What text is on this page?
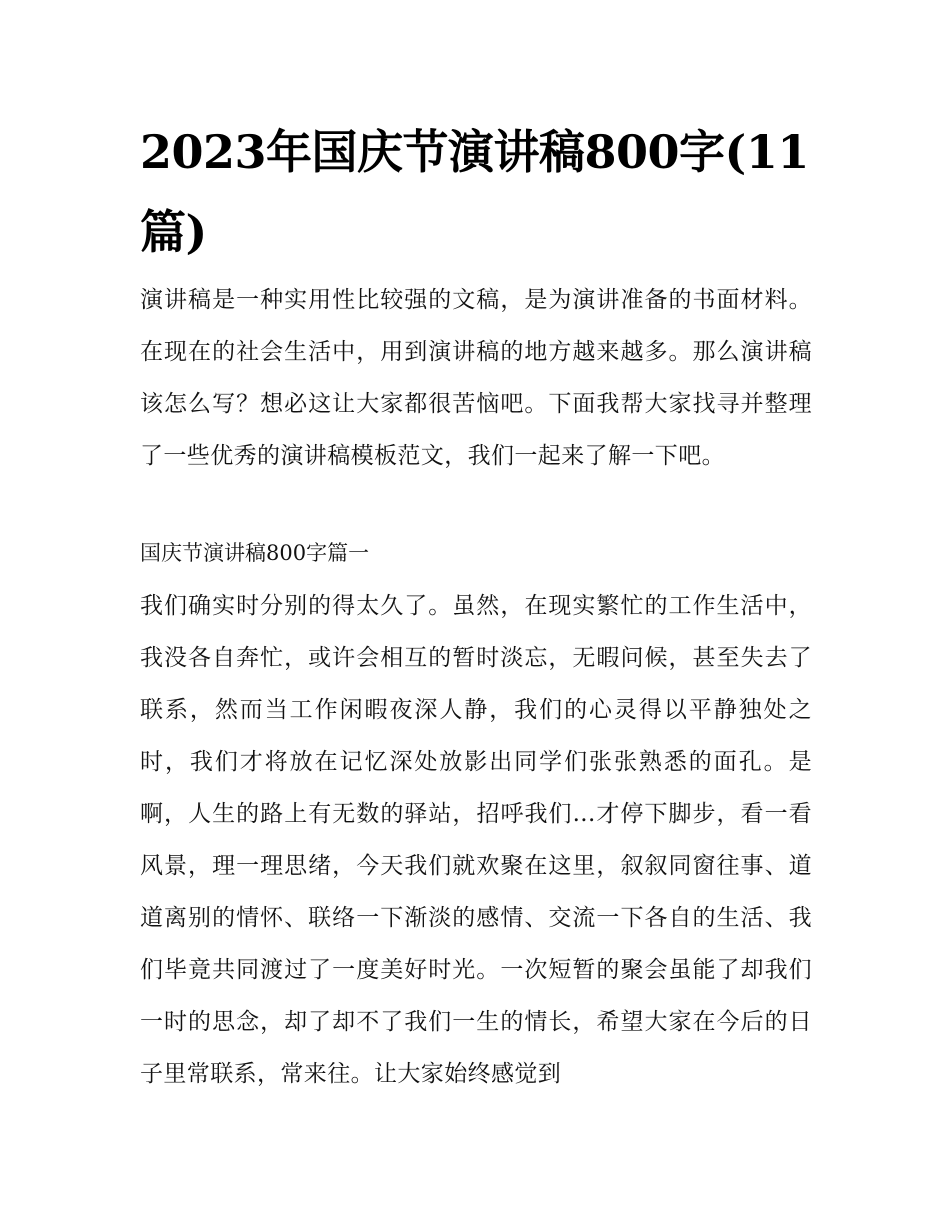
2023年国庆节演讲稿800字(11篇)

演讲稿是一种实用性比较强的文稿，是为演讲准备的书面材料。在现在的社会生活中，用到演讲稿的地方越来越多。那么演讲稿该怎么写？想必这让大家都很苦恼吧。下面我帮大家找寻并整理了一些优秀的演讲稿模板范文，我们一起来了解一下吧。

国庆节演讲稿800字篇一

我们确实时分别的得太久了。虽然，在现实繁忙的工作生活中，我没各自奔忙，或许会相互的暂时淡忘，无暇问候，甚至失去了联系，然而当工作闲暇夜深人静，我们的心灵得以平静独处之时，我们才将放在记忆深处放影出同学们张张熟悉的面孔。是啊，人生的路上有无数的驿站，招呼我们...才停下脚步，看一看风景，理一理思绪，今天我们就欢聚在这里，叙叙同窗往事、道道离别的情怀、联络一下渐淡的感情、交流一下各自的生活、我们毕竟共同渡过了一度美好时光。一次短暂的聚会虽能了却我们一时的思念，却了却不了我们一生的情长，希望大家在今后的日子里常联系，常来往。让大家始终感觉到
